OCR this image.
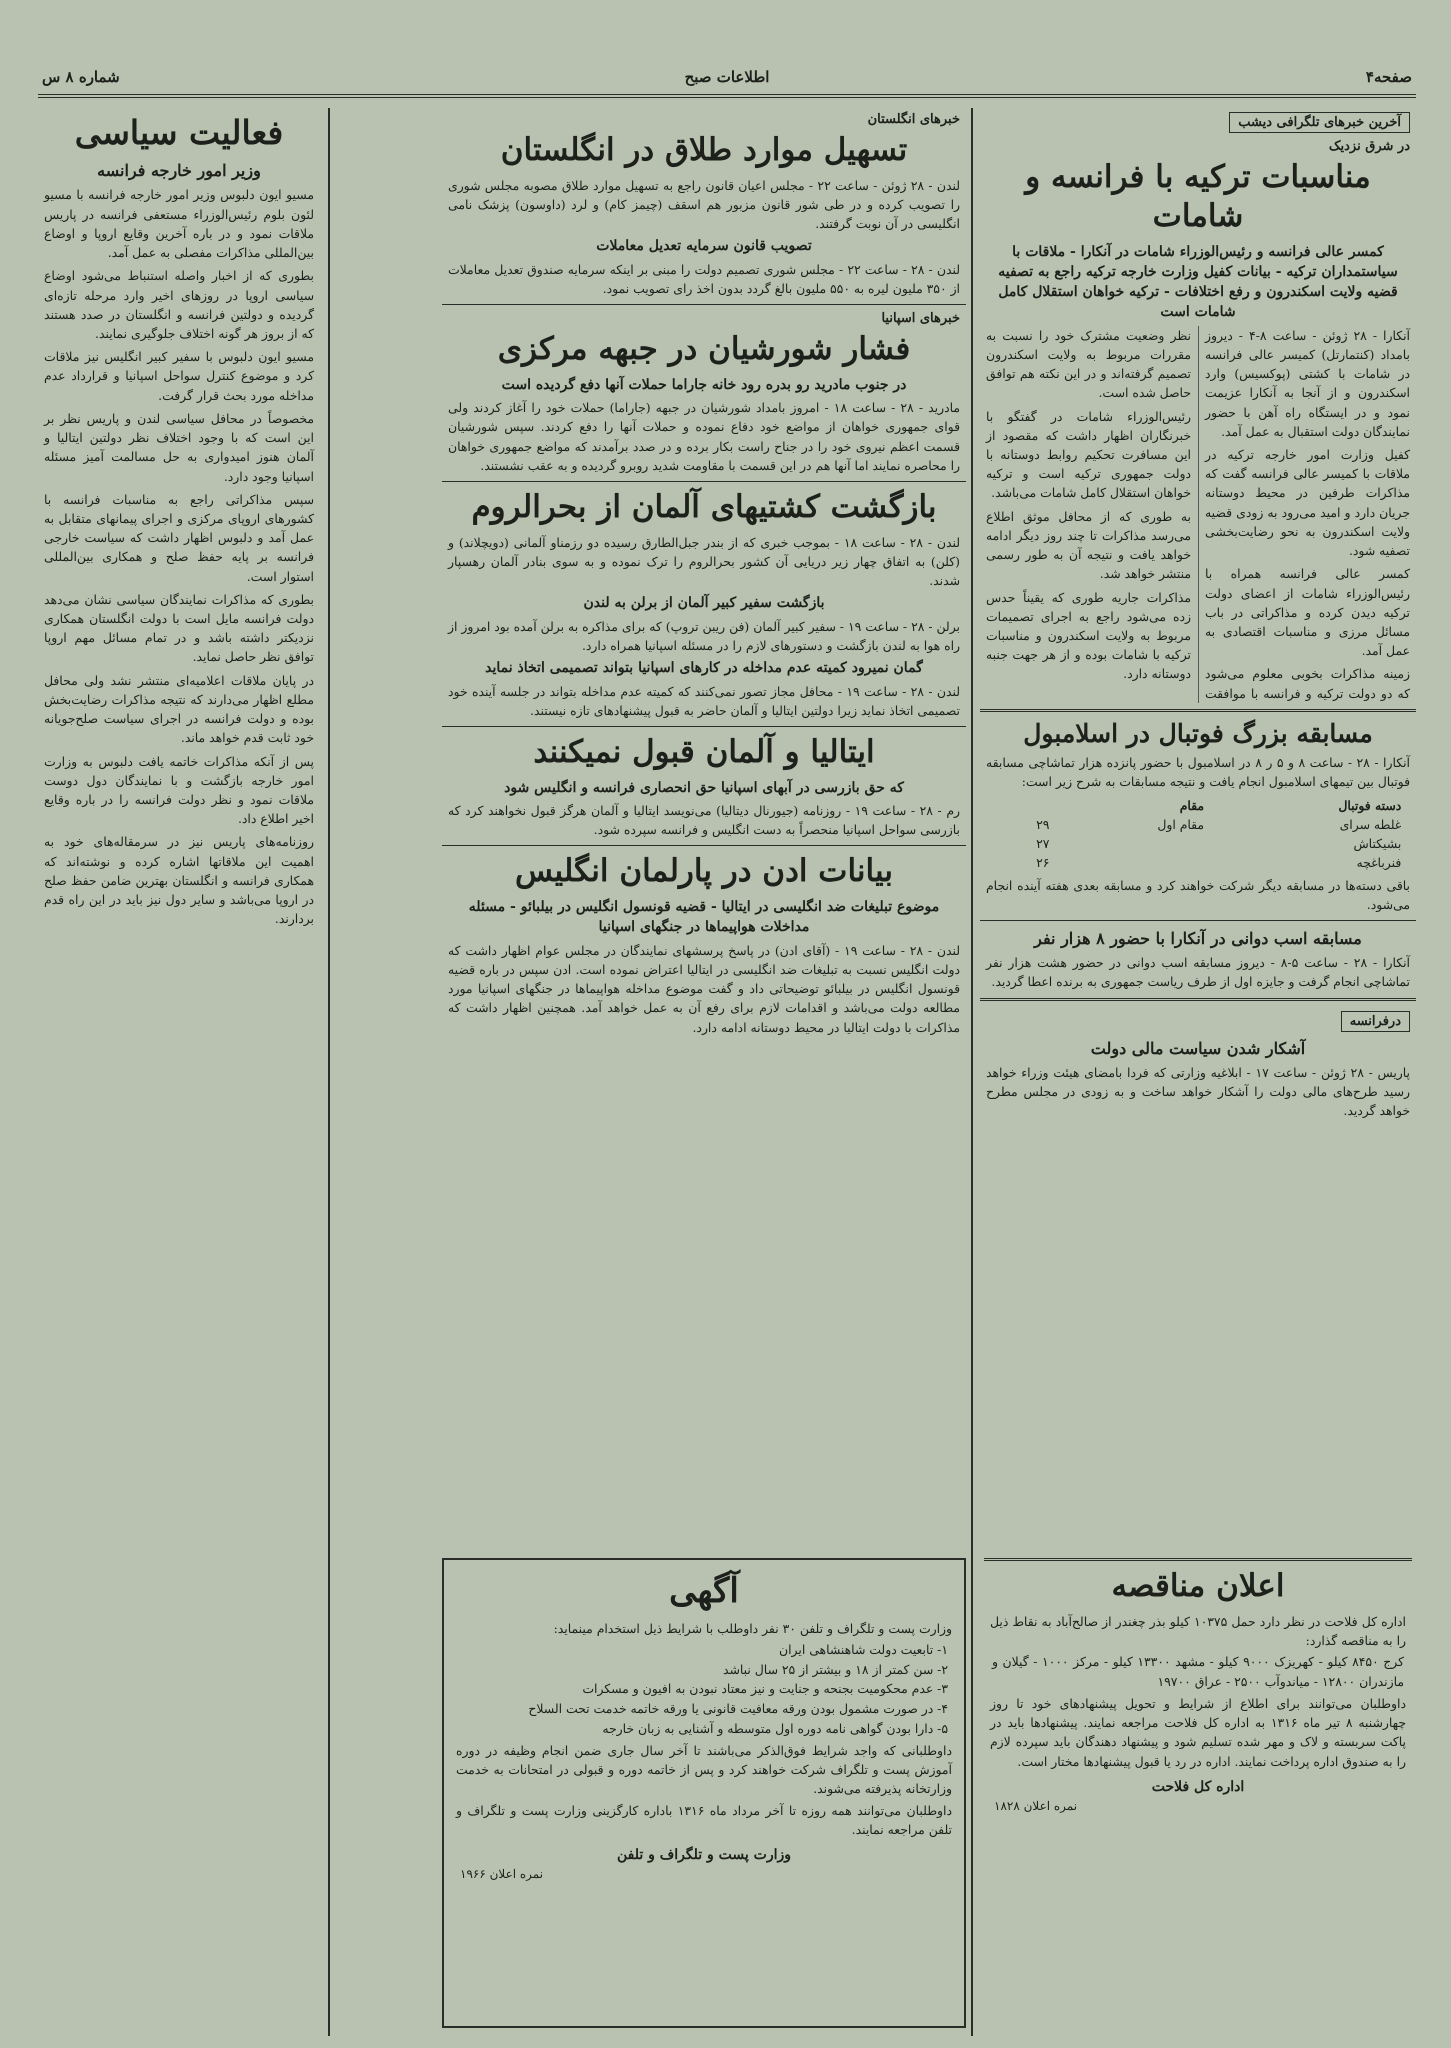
صفحه۴
اطلاعات صبح
شماره ۸ س
آخرین خبرهای تلگرافی دیشب
در شرق نزدیک
مناسبات ترکیه با فرانسه و شامات
کمسر عالی فرانسه و رئیس‌الوزراء شامات در آنکارا - ملاقات با سیاستمداران ترکیه - بیانات کفیل وزارت خارجه ترکیه راجع به تصفیه قضیه ولایت اسکندرون و رفع اختلافات - ترکیه خواهان استقلال کامل شامات است

آنکارا - ۲۸ ژوئن - ساعت ۸-۴ - دیروز بامداد (کنتمارتل) کمیسر عالی فرانسه در شامات با کشتی (پوکسیس) وارد اسکندرون و از آنجا به آنکارا عزیمت نمود و در ایستگاه راه آهن با حضور نمایندگان دولت استقبال به عمل آمد.

کفیل وزارت امور خارجه ترکیه در ملاقات با کمیسر عالی فرانسه گفت که مذاکرات طرفین در محیط دوستانه جریان دارد و امید می‌رود به زودی قضیه ولایت اسکندرون به نحو رضایت‌بخشی تصفیه شود.

کمسر عالی فرانسه همراه با رئیس‌الوزراء شامات از اعضای دولت ترکیه دیدن کرده و مذاکراتی در باب مسائل مرزی و مناسبات اقتصادی به عمل آمد.

زمینه مذاکرات بخوبی معلوم می‌شود که دو دولت ترکیه و فرانسه با موافقت نظر وضعیت مشترک خود را نسبت به مقررات مربوط به ولایت اسکندرون تصمیم گرفته‌اند و در این نکته هم توافق حاصل شده است.

رئیس‌الوزراء شامات در گفتگو با خبرنگاران اظهار داشت که مقصود از این مسافرت تحکیم روابط دوستانه با دولت جمهوری ترکیه است و ترکیه خواهان استقلال کامل شامات می‌باشد.

به طوری که از محافل موثق اطلاع می‌رسد مذاکرات تا چند روز دیگر ادامه خواهد یافت و نتیجه آن به طور رسمی منتشر خواهد شد.

مذاکرات جاریه طوری که یقیناً حدس زده می‌شود راجع به اجرای تصمیمات مربوط به ولایت اسکندرون و مناسبات ترکیه با شامات بوده و از هر جهت جنبه دوستانه دارد.

مسابقه بزرگ فوتبال در اسلامبول
آنکارا - ۲۸ - ساعت ۸ و ۵ ر ۸ در اسلامبول با حضور پانزده هزار تماشاچی مسابقه فوتبال بین تیمهای اسلامبول انجام یافت و نتیجه مسابقات به شرح زیر است:
دسته فوتبال	مقام	
غلطه سرای	مقام اول	۲۹
بشیکتاش		۲۷
فنرباغچه		۲۶
باقی دسته‌ها در مسابقه دیگر شرکت خواهند کرد و مسابقه بعدی هفته آینده انجام می‌شود.
مسابقه اسب دوانی در آنکارا با حضور ۸ هزار نفر
آنکارا - ۲۸ - ساعت ۵-۸ - دیروز مسابقه اسب دوانی در حضور هشت هزار نفر تماشاچی انجام گرفت و جایزه اول از طرف ریاست جمهوری به برنده اعطا گردید.
درفرانسه
آشکار شدن سیاست مالی دولت
پاریس - ۲۸ ژوئن - ساعت ۱۷ - ابلاغیه وزارتی که فردا بامضای هیئت وزراء خواهد رسید طرح‌های مالی دولت را آشکار خواهد ساخت و به زودی در مجلس مطرح خواهد گردید.
اعلان مناقصه
اداره کل فلاحت در نظر دارد حمل ۱۰۳۷۵ کیلو بذر چغندر از صالح‌آباد به نقاط ذیل را به مناقصه گذارد:
کرج ۸۴۵۰ کیلو - کهریزک ۹۰۰۰ کیلو - مشهد ۱۳۳۰۰ کیلو - مرکز ۱۰۰۰ - گیلان و مازندران ۱۲۸۰۰ - میاندوآب ۲۵۰۰ - عراق ۱۹۷۰۰
داوطلبان می‌توانند برای اطلاع از شرایط و تحویل پیشنهادهای خود تا روز چهارشنبه ۸ تیر ماه ۱۳۱۶ به اداره کل فلاحت مراجعه نمایند. پیشنهادها باید در پاکت سربسته و لاک و مهر شده تسلیم شود و پیشنهاد دهندگان باید سپرده لازم را به صندوق اداره پرداخت نمایند. اداره در رد یا قبول پیشنهادها مختار است.
اداره کل فلاحت
نمره اعلان ۱۸۲۸
خبرهای انگلستان
تسهیل موارد طلاق در انگلستان
لندن - ۲۸ ژوئن - ساعت ۲۲ - مجلس اعیان قانون راجع به تسهیل موارد طلاق مصوبه مجلس شوری را تصویب کرده و در طی شور قانون مزبور هم اسقف (چیمز کام) و لرد (داوسون) پزشک نامی انگلیسی در آن نوبت گرفتند.
تصویب قانون سرمایه تعدیل معاملات
لندن - ۲۸ - ساعت ۲۲ - مجلس شوری تصمیم دولت را مبنی بر اینکه سرمایه صندوق تعدیل معاملات از ۳۵۰ ملیون لیره به ۵۵۰ ملیون بالغ گردد بدون اخذ رای تصویب نمود.
خبرهای اسپانیا
فشار شورشیان در جبهه مرکزی
در جنوب مادرید رو بدره رود خانه جاراما حملات آنها دفع گردیده است
مادرید - ۲۸ - ساعت ۱۸ - امروز بامداد شورشیان در جبهه (جاراما) حملات خود را آغاز کردند ولی قوای جمهوری خواهان از مواضع خود دفاع نموده و حملات آنها را دفع کردند. سپس شورشیان قسمت اعظم نیروی خود را در جناح راست بکار برده و در صدد برآمدند که مواضع جمهوری خواهان را محاصره نمایند اما آنها هم در این قسمت با مقاومت شدید روبرو گردیده و به عقب نشستند.
بازگشت کشتیهای آلمان از بحرالروم
لندن - ۲۸ - ساعت ۱۸ - بموجب خبری که از بندر جبل‌الطارق رسیده دو رزمناو آلمانی (دویچلاند) و (کلن) به اتفاق چهار زیر دریایی آن کشور بحرالروم را ترک نموده و به سوی بنادر آلمان رهسپار شدند.
بازگشت سفیر کبیر آلمان از برلن به لندن
برلن - ۲۸ - ساعت ۱۹ - سفیر کبیر آلمان (فن ریبن تروپ) که برای مذاکره به برلن آمده بود امروز از راه هوا به لندن بازگشت و دستورهای لازم را در مسئله اسپانیا همراه دارد.
گمان نمیرود کمیته عدم مداخله در کارهای اسپانیا بتواند تصمیمی اتخاذ نماید
لندن - ۲۸ - ساعت ۱۹ - محافل مجاز تصور نمی‌کنند که کمیته عدم مداخله بتواند در جلسه آینده خود تصمیمی اتخاذ نماید زیرا دولتین ایتالیا و آلمان حاضر به قبول پیشنهادهای تازه نیستند.
ایتالیا و آلمان قبول نمیکنند
که حق بازرسی در آبهای اسپانیا حق انحصاری فرانسه و انگلیس شود
رم - ۲۸ - ساعت ۱۹ - روزنامه (جیورنال دیتالیا) می‌نویسد ایتالیا و آلمان هرگز قبول نخواهند کرد که بازرسی سواحل اسپانیا منحصراً به دست انگلیس و فرانسه سپرده شود.
بیانات ادن در پارلمان انگلیس
موضوع تبلیغات ضد انگلیسی در ایتالیا - قضیه قونسول انگلیس در بیلبائو - مسئله مداخلات هواپیماها در جنگهای اسپانیا
لندن - ۲۸ - ساعت ۱۹ - (آقای ادن) در پاسخ پرسشهای نمایندگان در مجلس عوام اظهار داشت که دولت انگلیس نسبت به تبلیغات ضد انگلیسی در ایتالیا اعتراض نموده است. ادن سپس در باره قضیه قونسول انگلیس در بیلبائو توضیحاتی داد و گفت موضوع مداخله هواپیماها در جنگهای اسپانیا مورد مطالعه دولت می‌باشد و اقدامات لازم برای رفع آن به عمل خواهد آمد. همچنین اظهار داشت که مذاکرات با دولت ایتالیا در محیط دوستانه ادامه دارد.
آگهی
وزارت پست و تلگراف و تلفن ۳۰ نفر داوطلب با شرایط ذیل استخدام مینماید:
۱- تابعیت دولت شاهنشاهی ایران
۲- سن کمتر از ۱۸ و بیشتر از ۲۵ سال نباشد
۳- عدم محکومیت بجنحه و جنایت و نیز معتاد نبودن به افیون و مسکرات
۴- در صورت مشمول بودن ورقه معافیت قانونی یا ورقه خاتمه خدمت تحت السلاح
۵- دارا بودن گواهی نامه دوره اول متوسطه و آشنایی به زبان خارجه
داوطلبانی که واجد شرایط فوق‌الذکر می‌باشند تا آخر سال جاری ضمن انجام وظیفه در دوره آموزش پست و تلگراف شرکت خواهند کرد و پس از خاتمه دوره و قبولی در امتحانات به خدمت وزارتخانه پذیرفته می‌شوند.
داوطلبان می‌توانند همه روزه تا آخر مرداد ماه ۱۳۱۶ باداره کارگزینی وزارت پست و تلگراف و تلفن مراجعه نمایند.
وزارت پست و تلگراف و تلفن
نمره اعلان ۱۹۶۶
فعالیت سیاسی
وزیر امور خارجه فرانسه

مسیو ایون دلبوس وزیر امور خارجه فرانسه با مسیو لئون بلوم رئیس‌الوزراء مستعفی فرانسه در پاریس ملاقات نمود و در باره آخرین وقایع اروپا و اوضاع بین‌المللی مذاکرات مفصلی به عمل آمد.

بطوری که از اخبار واصله استنباط می‌شود اوضاع سیاسی اروپا در روزهای اخیر وارد مرحله تازه‌ای گردیده و دولتین فرانسه و انگلستان در صدد هستند که از بروز هر گونه اختلاف جلوگیری نمایند.

مسیو ایون دلبوس با سفیر کبیر انگلیس نیز ملاقات کرد و موضوع کنترل سواحل اسپانیا و قرارداد عدم مداخله مورد بحث قرار گرفت.

مخصوصاً در محافل سیاسی لندن و پاریس نظر بر این است که با وجود اختلاف نظر دولتین ایتالیا و آلمان هنوز امیدواری به حل مسالمت آمیز مسئله اسپانیا وجود دارد.

سپس مذاکراتی راجع به مناسبات فرانسه با کشورهای اروپای مرکزی و اجرای پیمانهای متقابل به عمل آمد و دلبوس اظهار داشت که سیاست خارجی فرانسه بر پایه حفظ صلح و همکاری بین‌المللی استوار است.

بطوری که مذاکرات نمایندگان سیاسی نشان می‌دهد دولت فرانسه مایل است با دولت انگلستان همکاری نزدیکتر داشته باشد و در تمام مسائل مهم اروپا توافق نظر حاصل نماید.

در پایان ملاقات اعلامیه‌ای منتشر نشد ولی محافل مطلع اظهار می‌دارند که نتیجه مذاکرات رضایت‌بخش بوده و دولت فرانسه در اجرای سیاست صلح‌جویانه خود ثابت قدم خواهد ماند.

پس از آنکه مذاکرات خاتمه یافت دلبوس به وزارت امور خارجه بازگشت و با نمایندگان دول دوست ملاقات نمود و نظر دولت فرانسه را در باره وقایع اخیر اطلاع داد.

روزنامه‌های پاریس نیز در سرمقاله‌های خود به اهمیت این ملاقاتها اشاره کرده و نوشته‌اند که همکاری فرانسه و انگلستان بهترین ضامن حفظ صلح در اروپا می‌باشد و سایر دول نیز باید در این راه قدم بردارند.
